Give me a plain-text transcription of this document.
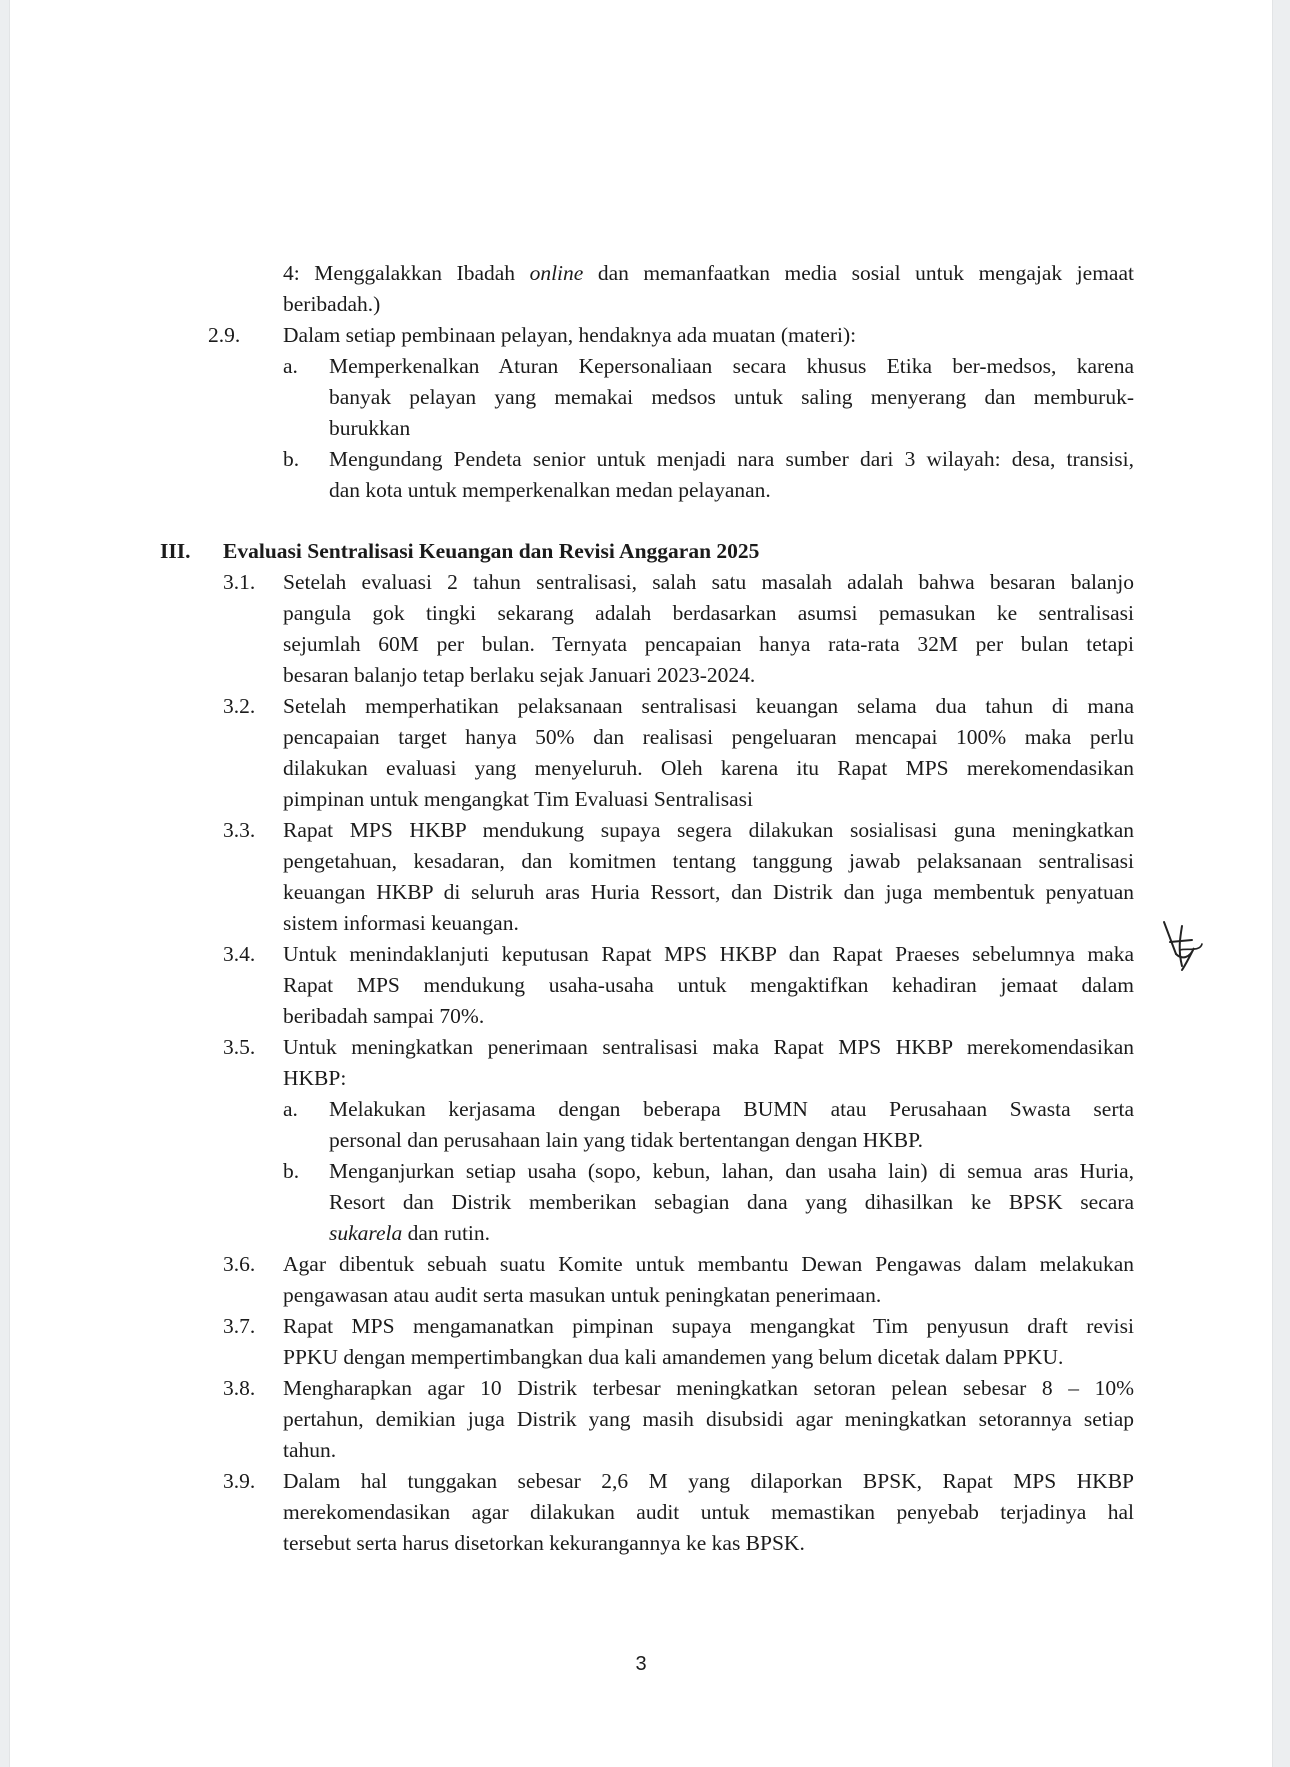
4: Menggalakkan Ibadah online dan memanfaatkan media sosial untuk mengajak jemaat
beribadah.)
2.9. Dalam setiap pembinaan pelayan, hendaknya ada muatan (materi):
a. Memperkenalkan Aturan Kepersonaliaan secara khusus Etika ber-medsos, karena
banyak pelayan yang memakai medsos untuk saling menyerang dan memburuk-
burukkan
b. Mengundang Pendeta senior untuk menjadi nara sumber dari 3 wilayah: desa, transisi,
dan kota untuk memperkenalkan medan pelayanan.
III. Evaluasi Sentralisasi Keuangan dan Revisi Anggaran 2025
3.1. Setelah evaluasi 2 tahun sentralisasi, salah satu masalah adalah bahwa besaran balanjo
pangula gok tingki sekarang adalah berdasarkan asumsi pemasukan ke sentralisasi
sejumlah 60M per bulan. Ternyata pencapaian hanya rata-rata 32M per bulan tetapi
besaran balanjo tetap berlaku sejak Januari 2023-2024.
3.2. Setelah memperhatikan pelaksanaan sentralisasi keuangan selama dua tahun di mana
pencapaian target hanya 50% dan realisasi pengeluaran mencapai 100% maka perlu
dilakukan evaluasi yang menyeluruh. Oleh karena itu Rapat MPS merekomendasikan
pimpinan untuk mengangkat Tim Evaluasi Sentralisasi
3.3. Rapat MPS HKBP mendukung supaya segera dilakukan sosialisasi guna meningkatkan
pengetahuan, kesadaran, dan komitmen tentang tanggung jawab pelaksanaan sentralisasi
keuangan HKBP di seluruh aras Huria Ressort, dan Distrik dan juga membentuk penyatuan
sistem informasi keuangan.
3.4. Untuk menindaklanjuti keputusan Rapat MPS HKBP dan Rapat Praeses sebelumnya maka
Rapat MPS mendukung usaha-usaha untuk mengaktifkan kehadiran jemaat dalam
beribadah sampai 70%.
3.5. Untuk meningkatkan penerimaan sentralisasi maka Rapat MPS HKBP merekomendasikan
HKBP:
a. Melakukan kerjasama dengan beberapa BUMN atau Perusahaan Swasta serta
personal dan perusahaan lain yang tidak bertentangan dengan HKBP.
b. Menganjurkan setiap usaha (sopo, kebun, lahan, dan usaha lain) di semua aras Huria,
Resort dan Distrik memberikan sebagian dana yang dihasilkan ke BPSK secara
sukarela dan rutin.
3.6. Agar dibentuk sebuah suatu Komite untuk membantu Dewan Pengawas dalam melakukan
pengawasan atau audit serta masukan untuk peningkatan penerimaan.
3.7. Rapat MPS mengamanatkan pimpinan supaya mengangkat Tim penyusun draft revisi
PPKU dengan mempertimbangkan dua kali amandemen yang belum dicetak dalam PPKU.
3.8. Mengharapkan agar 10 Distrik terbesar meningkatkan setoran pelean sebesar 8 – 10%
pertahun, demikian juga Distrik yang masih disubsidi agar meningkatkan setorannya setiap
tahun.
3.9. Dalam hal tunggakan sebesar 2,6 M yang dilaporkan BPSK, Rapat MPS HKBP
merekomendasikan agar dilakukan audit untuk memastikan penyebab terjadinya hal
tersebut serta harus disetorkan kekurangannya ke kas BPSK.
3
